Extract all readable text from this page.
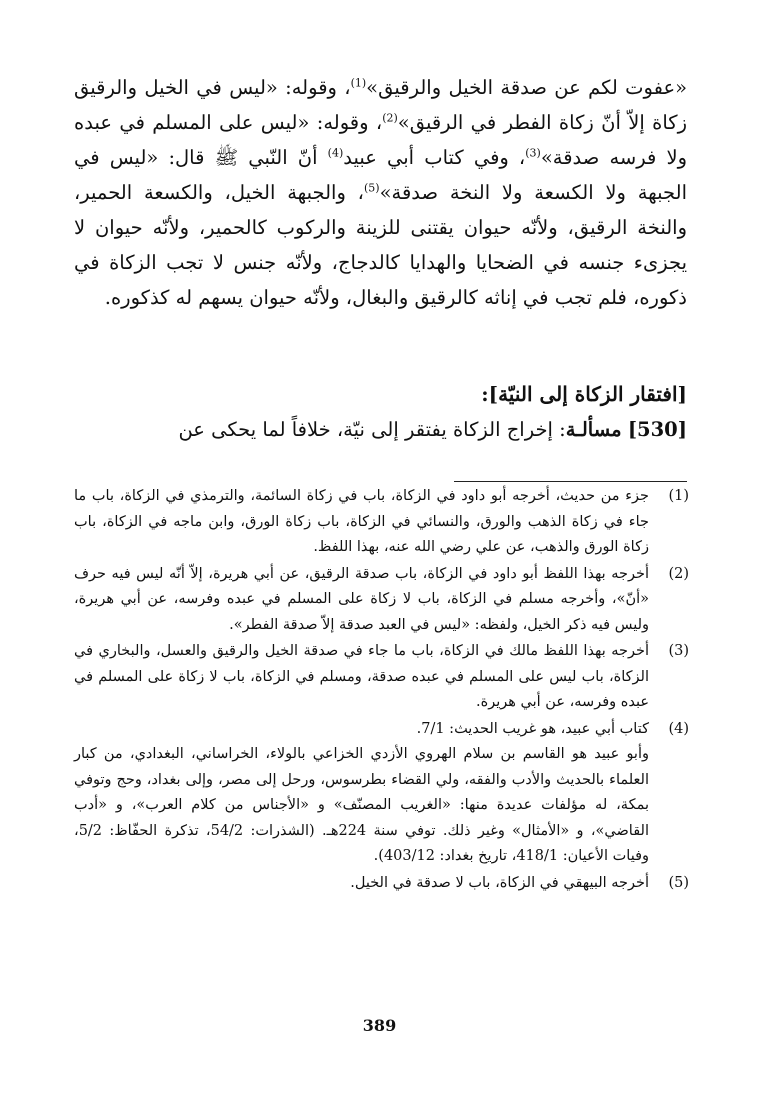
«عفوت لكم عن صدقة الخيل والرقيق»$^{(1)}$، وقوله: «ليس في الخيل والرقيق زكاة إلاّ أنّ زكاة الفطر في الرقيق»$^{(2)}$، وقوله: «ليس على المسلم في عبده ولا فرسه صدقة»$^{(3)}$، وفي كتاب أبي عبيد$^{(4)}$ أنّ النّبي ﷺ قال: «ليس في الجبهة ولا الكسعة ولا النخة صدقة»$^{(5)}$، والجبهة الخيل، والكسعة الحمير، والنخة الرقيق، ولأنّه حيوان يقتنى للزينة والركوب كالحمير، ولأنّه حيوان لا يجزىء جنسه في الضحايا والهدايا كالدجاج، ولأنّه جنس لا تجب الزكاة في ذكوره، فلم تجب في إناثه كالرقيق والبغال، ولأنّه حيوان يسهم له كذكوره.

[افتقار الزكاة إلى النيّة]:
[530] مسألـة: إخراج الزكاة يفتقر إلى نيّة، خلافاً لما يحكى عن
(1)

جزء من حديث، أخرجه أبو داود في الزكاة، باب في زكاة السائمة، والترمذي في الزكاة، باب ما جاء في زكاة الذهب والورق، والنسائي في الزكاة، باب زكاة الورق، وابن ماجه في الزكاة، باب زكاة الورق والذهب، عن علي رضي الله عنه، بهذا اللفظ.

(2)

أخرجه بهذا اللفظ أبو داود في الزكاة، باب صدقة الرقيق، عن أبي هريرة، إلاّ أنّه ليس فيه حرف «أنّ»، وأخرجه مسلم في الزكاة، باب لا زكاة على المسلم في عبده وفرسه، عن أبي هريرة، وليس فيه ذكر الخيل، ولفظه: «ليس في العبد صدقة إلاّ صدقة الفطر».

(3)

أخرجه بهذا اللفظ مالك في الزكاة، باب ما جاء في صدقة الخيل والرقيق والعسل، والبخاري في الزكاة، باب ليس على المسلم في عبده صدقة، ومسلم في الزكاة، باب لا زكاة على المسلم في عبده وفرسه، عن أبي هريرة.

(4)

كتاب أبي عبيد، هو غريب الحديث: 7/1.

وأبو عبيد هو القاسم بن سلام الهروي الأزدي الخزاعي بالولاء، الخراساني، البغدادي، من كبار العلماء بالحديث والأدب والفقه، ولي القضاء بطرسوس، ورحل إلى مصر، وإلى بغداد، وحج وتوفي بمكة، له مؤلفات عديدة منها: «الغريب المصنّف» و «الأجناس من كلام العرب»، و «أدب القاضي»، و «الأمثال» وغير ذلك. توفي سنة 224هـ. (الشذرات: 54/2، تذكرة الحفّاظ: 5/2، وفيات الأعيان: 418/1، تاريخ بغداد: 403/12).

(5)

أخرجه البيهقي في الزكاة، باب لا صدقة في الخيل.

389
